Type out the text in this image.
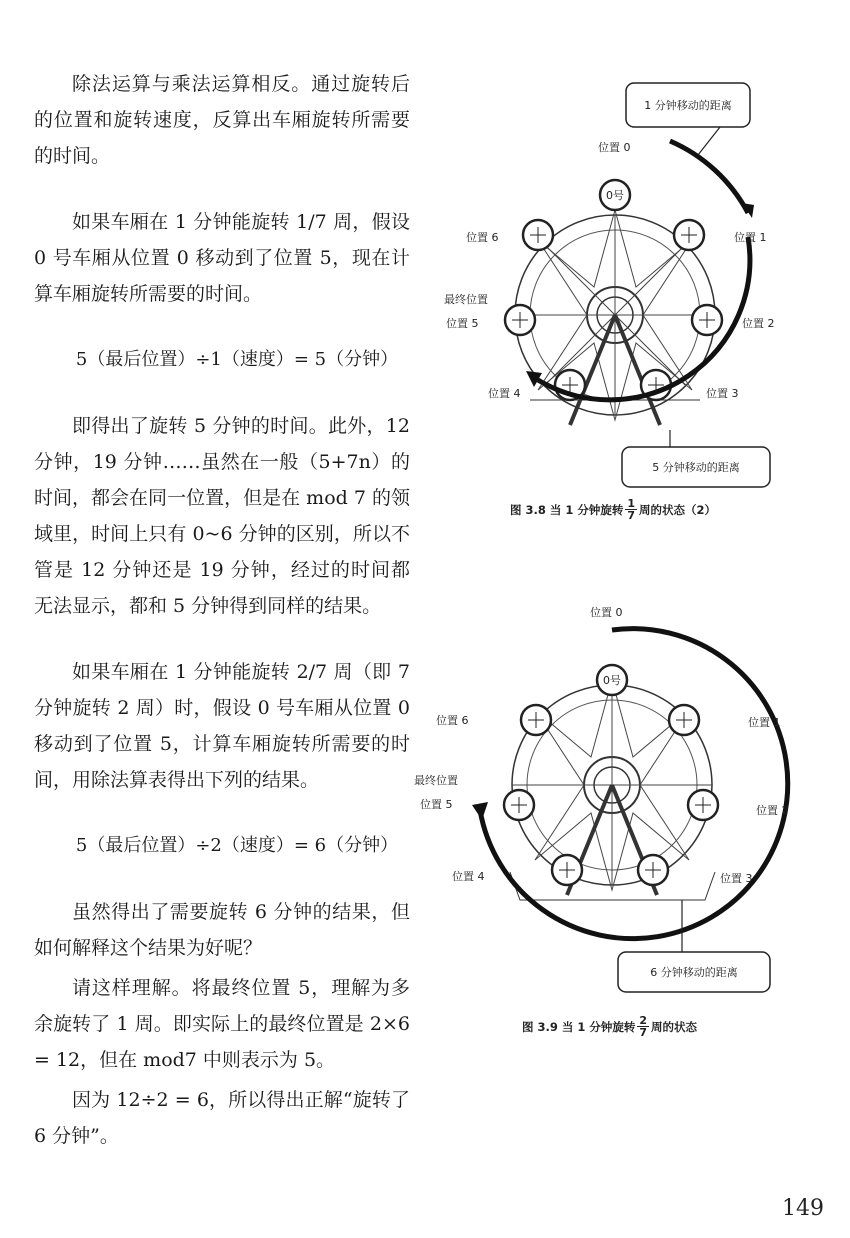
除法运算与乘法运算相反。通过旋转后的位置和旋转速度，反算出车厢旋转所需要的时间。

如果车厢在 1 分钟能旋转 1/7 周，假设 0 号车厢从位置 0 移动到了位置 5，现在计算车厢旋转所需要的时间。

5（最后位置）÷1（速度）= 5（分钟）

即得出了旋转 5 分钟的时间。此外，12 分钟，19 分钟……虽然在一般（5+7n）的时间，都会在同一位置，但是在 mod 7 的领域里，时间上只有 0~6 分钟的区别，所以不管是 12 分钟还是 19 分钟，经过的时间都无法显示，都和 5 分钟得到同样的结果。

如果车厢在 1 分钟能旋转 2/7 周（即 7 分钟旋转 2 周）时，假设 0 号车厢从位置 0 移动到了位置 5，计算车厢旋转所需要的时间，用除法算表得出下列的结果。

5（最后位置）÷2（速度）= 6（分钟）

虽然得出了需要旋转 6 分钟的结果，但如何解释这个结果为好呢？

请这样理解。将最终位置 5，理解为多余旋转了 1 周。即实际上的最终位置是 2×6 = 12，但在 mod7 中则表示为 5。

因为 12÷2 = 6，所以得出正解“旋转了 6 分钟”。

1 分钟移动的距离
0号
位置 0
位置 1
位置 2
位置 3
位置 4
最终位置
位置 5
位置 6
5 分钟移动的距离
图 3.8 当 1 分钟旋转 $\frac{1}{7}$ 周的状态（2）
0号
位置 0
位置 1
位置 2
位置 3
位置 4
最终位置
位置 5
位置 6
6 分钟移动的距离
图 3.9 当 1 分钟旋转 $\frac{2}{7}$ 周的状态
149
